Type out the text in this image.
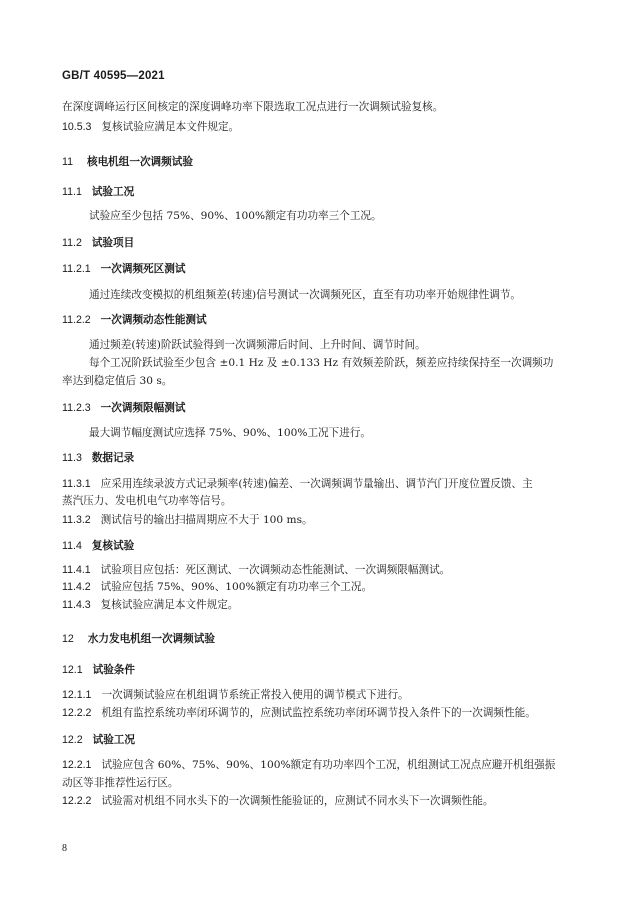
GB/T 40595—2021
在深度调峰运行区间核定的深度调峰功率下限选取工况点进行一次调频试验复核。
10.5.3 复核试验应满足本文件规定。
11 核电机组一次调频试验
11.1 试验工况
试验应至少包括 75%、90%、100%额定有功功率三个工况。
11.2 试验项目
11.2.1 一次调频死区测试
通过连续改变模拟的机组频差(转速)信号测试一次调频死区，直至有功功率开始规律性调节。
11.2.2 一次调频动态性能测试
通过频差(转速)阶跃试验得到一次调频滞后时间、上升时间、调节时间。
每个工况阶跃试验至少包含 ±0.1 Hz 及 ±0.133 Hz 有效频差阶跃，频差应持续保持至一次调频功
率达到稳定值后 30 s。
11.2.3 一次调频限幅测试
最大调节幅度测试应选择 75%、90%、100%工况下进行。
11.3 数据记录
11.3.1 应采用连续录波方式记录频率(转速)偏差、一次调频调节量输出、调节汽门开度位置反馈、主
蒸汽压力、发电机电气功率等信号。
11.3.2 测试信号的输出扫描周期应不大于 100 ms。
11.4 复核试验
11.4.1 试验项目应包括：死区测试、一次调频动态性能测试、一次调频限幅测试。
11.4.2 试验应包括 75%、90%、100%额定有功功率三个工况。
11.4.3 复核试验应满足本文件规定。
12 水力发电机组一次调频试验
12.1 试验条件
12.1.1 一次调频试验应在机组调节系统正常投入使用的调节模式下进行。
12.2.2 机组有监控系统功率闭环调节的，应测试监控系统功率闭环调节投入条件下的一次调频性能。
12.2 试验工况
12.2.1 试验应包含 60%、75%、90%、100%额定有功功率四个工况，机组测试工况点应避开机组强振
动区等非推荐性运行区。
12.2.2 试验需对机组不同水头下的一次调频性能验证的，应测试不同水头下一次调频性能。
8
